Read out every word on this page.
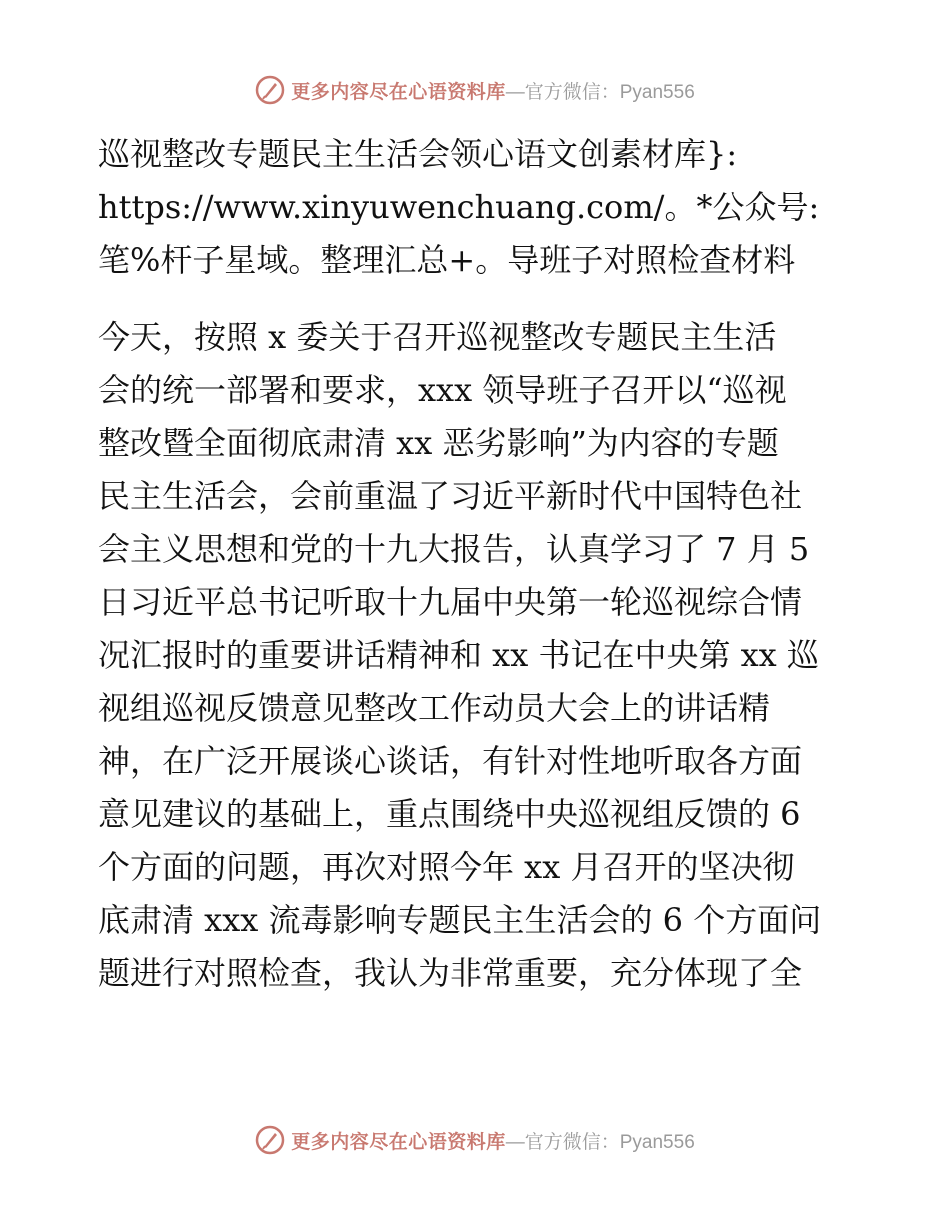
更多内容尽在心语资料库 —官方微信：Pyan556
巡视整改专题民主生活会领心语文创素材库}:
https://www.xinyuwenchuang.com/。*公众号:
笔%杆子星域。整理汇总+。导班子对照检查材料
今天，按照 x 委关于召开巡视整改专题民主生活
会的统一部署和要求，xxx 领导班子召开以“巡视
整改暨全面彻底肃清 xx 恶劣影响”为内容的专题
民主生活会，会前重温了习近平新时代中国特色社
会主义思想和党的十九大报告，认真学习了 7 月 5
日习近平总书记听取十九届中央第一轮巡视综合情
况汇报时的重要讲话精神和 xx 书记在中央第 xx 巡
视组巡视反馈意见整改工作动员大会上的讲话精
神，在广泛开展谈心谈话，有针对性地听取各方面
意见建议的基础上，重点围绕中央巡视组反馈的 6
个方面的问题，再次对照今年 xx 月召开的坚决彻
底肃清 xxx 流毒影响专题民主生活会的 6 个方面问
题进行对照检查，我认为非常重要，充分体现了全
更多内容尽在心语资料库 —官方微信：Pyan556
